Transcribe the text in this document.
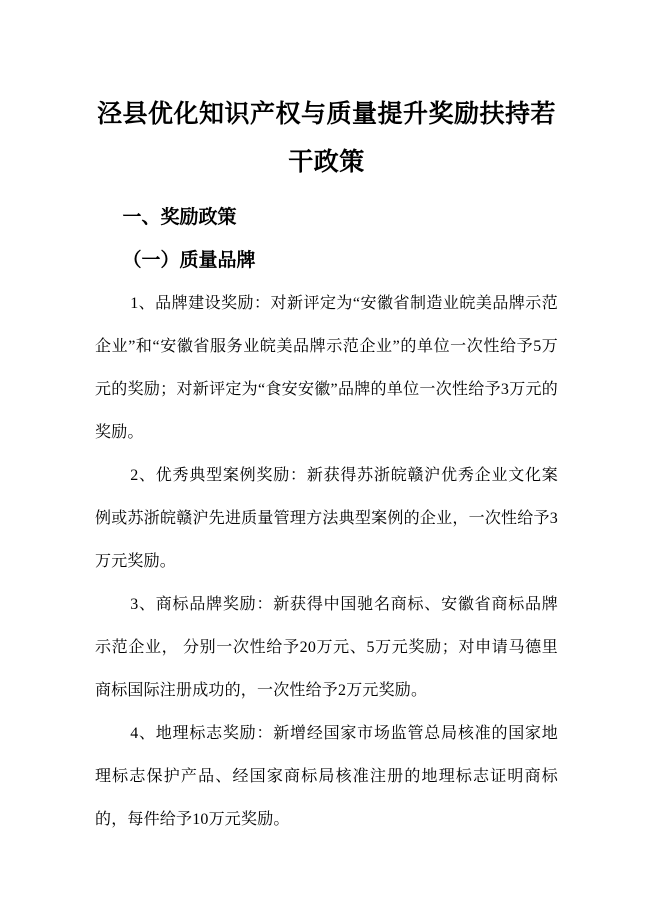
泾县优化知识产权与质量提升奖励扶持若
干政策
一、奖励政策
（一）质量品牌

1、品牌建设奖励：对新评定为“安徽省制造业皖美品牌示范企业”和“安徽省服务业皖美品牌示范企业”的单位一次性给予5万元的奖励；对新评定为“食安安徽”品牌的单位一次性给予3万元的奖励。

2、优秀典型案例奖励：新获得苏浙皖赣沪优秀企业文化案例或苏浙皖赣沪先进质量管理方法典型案例的企业，一次性给予3万元奖励。

3、商标品牌奖励：新获得中国驰名商标、安徽省商标品牌示范企业， 分别一次性给予20万元、5万元奖励；对申请马德里商标国际注册成功的，一次性给予2万元奖励。

4、地理标志奖励：新增经国家市场监管总局核准的国家地理标志保护产品、经国家商标局核准注册的地理标志证明商标的，每件给予10万元奖励。
